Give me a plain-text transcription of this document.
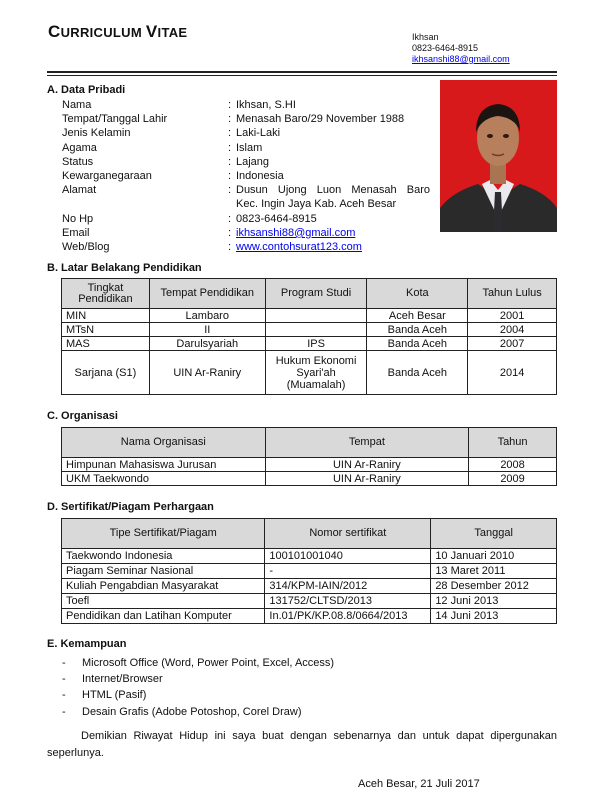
CURRICULUM VITAE	Ikhsan
0823-6464-8915
ikhsanshi88@gmail.com
A. Data Pribadi
Nama	: Ikhsan, S.HI
Tempat/Tanggal Lahir	: Menasah Baro/29 November 1988
Jenis Kelamin	: Laki-Laki
Agama	: Islam
Status	: Lajang
Kewarganegaraan	: Indonesia
Alamat	: Dusun Ujong Luon Menasah Baro
Kec. Ingin Jaya Kab. Aceh Besar
No Hp	: 0823-6464-8915
Email	: ikhsanshi88@gmail.com
Web/Blog	: www.contohsurat123.com
B. Latar Belakang Pendidikan
Tingkat Pendidikan	Tempat Pendidikan	Program Studi	Kota	Tahun Lulus
MIN	Lambaro		Aceh Besar	2001
MTsN	II		Banda Aceh	2004
MAS	Darulsyariah	IPS	Banda Aceh	2007
Sarjana (S1)	UIN Ar-Raniry	Hukum Ekonomi Syari'ah (Muamalah)	Banda Aceh	2014
C. Organisasi
Nama Organisasi	Tempat	Tahun
Himpunan Mahasiswa Jurusan	UIN Ar-Raniry	2008
UKM Taekwondo	UIN Ar-Raniry	2009
D. Sertifikat/Piagam Perhargaan
Tipe Sertifikat/Piagam	Nomor sertifikat	Tanggal
Taekwondo Indonesia	100101001040	10 Januari 2010
Piagam Seminar Nasional	-	13 Maret 2011
Kuliah Pengabdian Masyarakat	314/KPM-IAIN/2012	28 Desember 2012
Toefl	131752/CLTSD/2013	12 Juni 2013
Pendidikan dan Latihan Komputer	In.01/PK/KP.08.8/0664/2013	14 Juni 2013
E. Kemampuan
-	Microsoft Office (Word, Power Point, Excel, Access)
-	Internet/Browser
-	HTML (Pasif)
-	Desain Grafis (Adobe Potoshop, Corel Draw)
Demikian Riwayat Hidup ini saya buat dengan sebenarnya dan untuk dapat dipergunakan seperlunya.
Aceh Besar, 21 Juli 2017
